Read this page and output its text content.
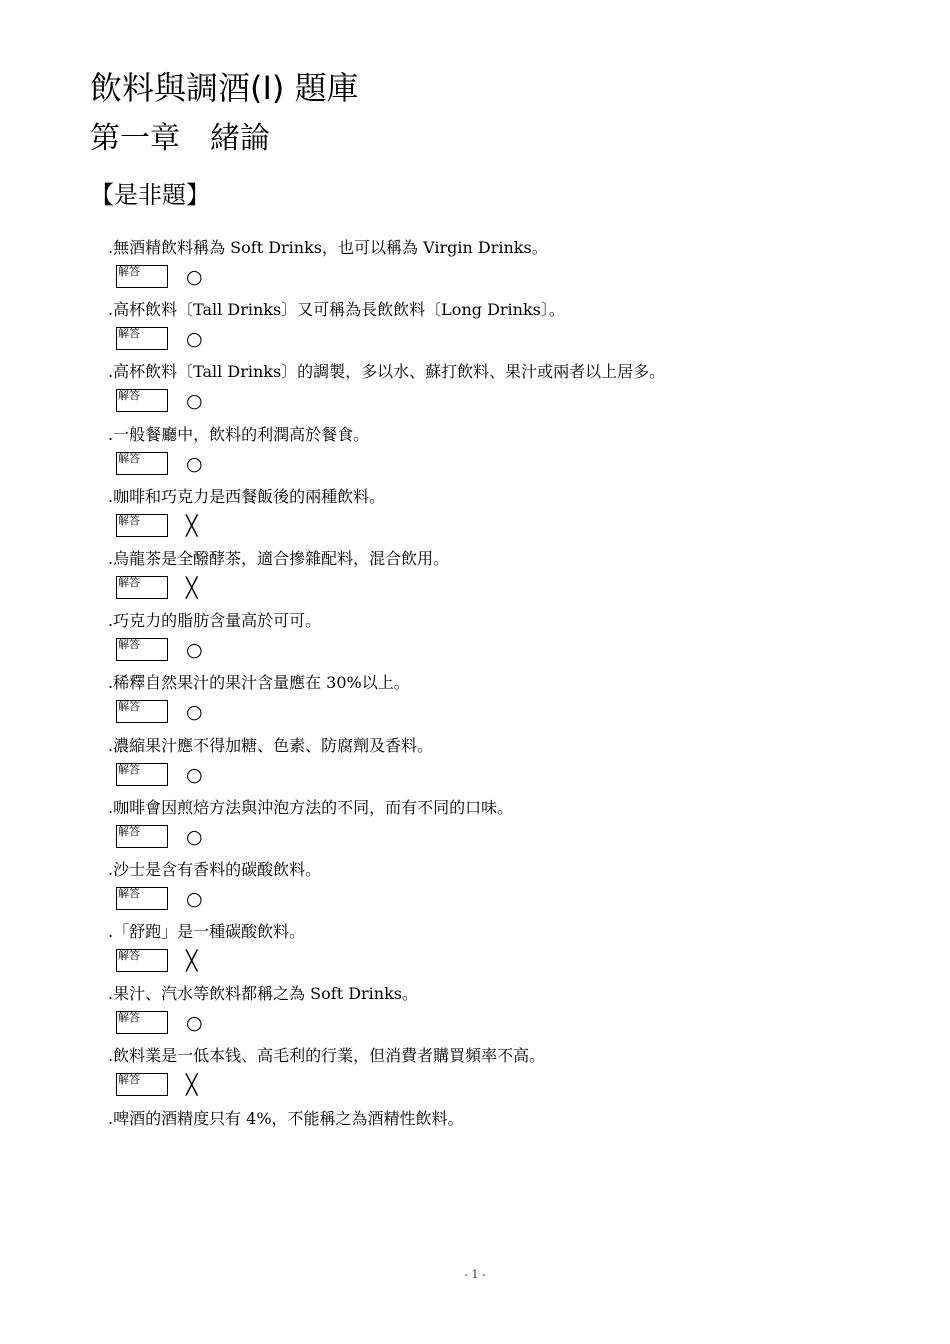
飲料與調酒(I) 題庫
第一章　緒論
【是非題】
.無酒精飲料稱為 Soft Drinks，也可以稱為 Virgin Drinks。
解答 ○
.高杯飲料〔Tall Drinks〕又可稱為長飲飲料〔Long Drinks〕。
解答 ○
.高杯飲料〔Tall Drinks〕的調製，多以水、蘇打飲料、果汁或兩者以上居多。
解答 ○
.一般餐廳中，飲料的利潤高於餐食。
解答 ○
.咖啡和巧克力是西餐飯後的兩種飲料。
解答 ╳
.烏龍茶是全醱酵茶，適合摻雜配料，混合飲用。
解答 ╳
.巧克力的脂肪含量高於可可。
解答 ○
.稀釋自然果汁的果汁含量應在 30%以上。
解答 ○
.濃縮果汁應不得加糖、色素、防腐劑及香料。
解答 ○
.咖啡會因煎焙方法與沖泡方法的不同，而有不同的口味。
解答 ○
.沙士是含有香料的碳酸飲料。
解答 ○
.「舒跑」是一種碳酸飲料。
解答 ╳
.果汁、汽水等飲料都稱之為 Soft Drinks。
解答 ○
.飲料業是一低本钱、高毛利的行業，但消費者購買頻率不高。
解答 ╳
.啤酒的酒精度只有 4%，不能稱之為酒精性飲料。
- 1 -
